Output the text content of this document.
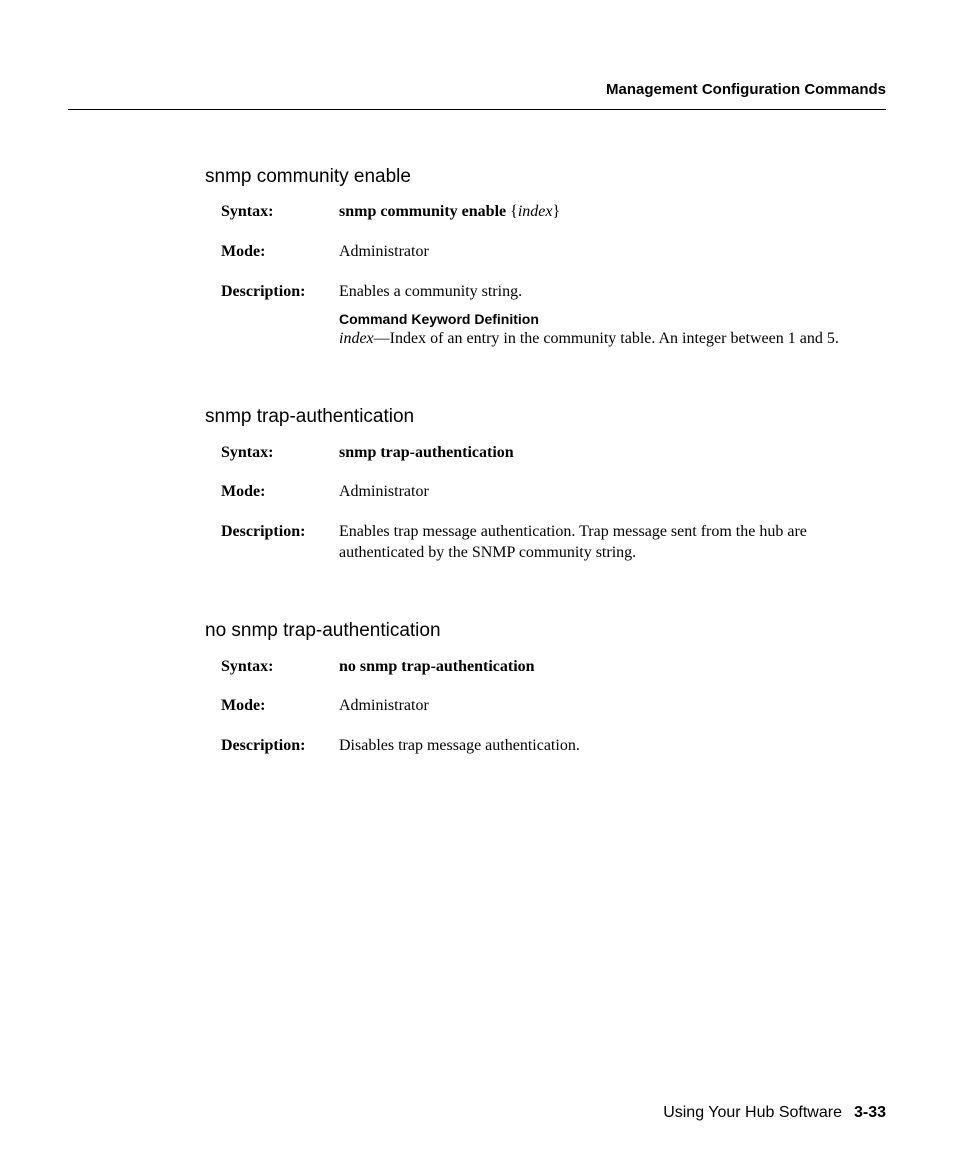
Management Configuration Commands
snmp community enable
Syntax:	snmp community enable {index}
Mode:	Administrator
Description: Enables a community string.
Command Keyword Definition
index—Index of an entry in the community table. An integer between 1 and 5.
snmp trap-authentication
Syntax:	snmp trap-authentication
Mode:	Administrator
Description: Enables trap message authentication. Trap message sent from the hub are authenticated by the SNMP community string.
no snmp trap-authentication
Syntax:	no snmp trap-authentication
Mode:	Administrator
Description: Disables trap message authentication.
Using Your Hub Software 3-33
